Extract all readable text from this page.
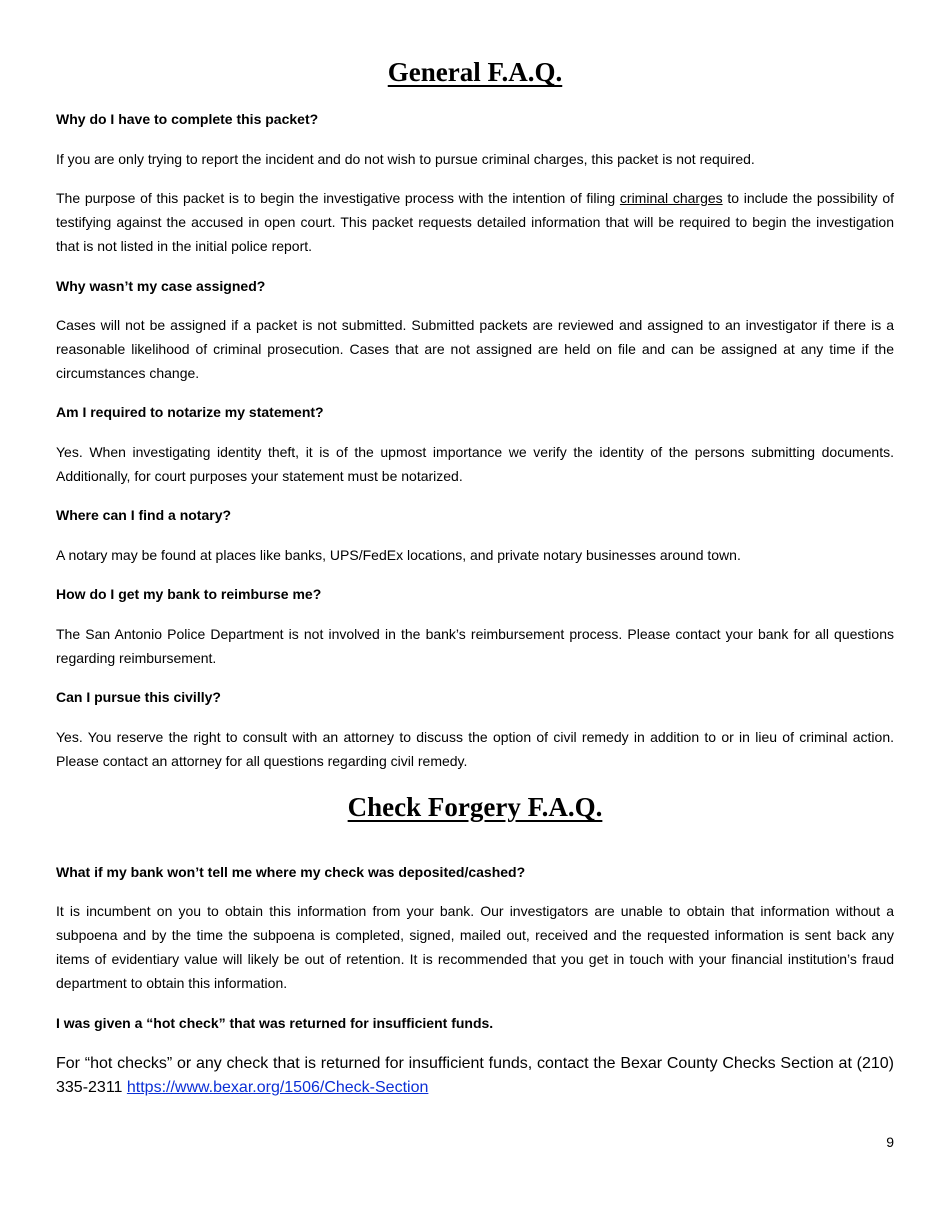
General F.A.Q.
Why do I have to complete this packet?
If you are only trying to report the incident and do not wish to pursue criminal charges, this packet is not required.
The purpose of this packet is to begin the investigative process with the intention of filing criminal charges to include the possibility of testifying against the accused in open court. This packet requests detailed information that will be required to begin the investigation that is not listed in the initial police report.
Why wasn’t my case assigned?
Cases will not be assigned if a packet is not submitted. Submitted packets are reviewed and assigned to an investigator if there is a reasonable likelihood of criminal prosecution. Cases that are not assigned are held on file and can be assigned at any time if the circumstances change.
Am I required to notarize my statement?
Yes. When investigating identity theft, it is of the upmost importance we verify the identity of the persons submitting documents. Additionally, for court purposes your statement must be notarized.
Where can I find a notary?
A notary may be found at places like banks, UPS/FedEx locations, and private notary businesses around town.
How do I get my bank to reimburse me?
The San Antonio Police Department is not involved in the bank’s reimbursement process. Please contact your bank for all questions regarding reimbursement.
Can I pursue this civilly?
Yes. You reserve the right to consult with an attorney to discuss the option of civil remedy in addition to or in lieu of criminal action. Please contact an attorney for all questions regarding civil remedy.
Check Forgery F.A.Q.
What if my bank won’t tell me where my check was deposited/cashed?
It is incumbent on you to obtain this information from your bank. Our investigators are unable to obtain that information without a subpoena and by the time the subpoena is completed, signed, mailed out, received and the requested information is sent back any items of evidentiary value will likely be out of retention. It is recommended that you get in touch with your financial institution’s fraud department to obtain this information.
I was given a “hot check” that was returned for insufficient funds.
For “hot checks” or any check that is returned for insufficient funds, contact the Bexar County Checks Section at (210) 335-2311 https://www.bexar.org/1506/Check-Section
9
